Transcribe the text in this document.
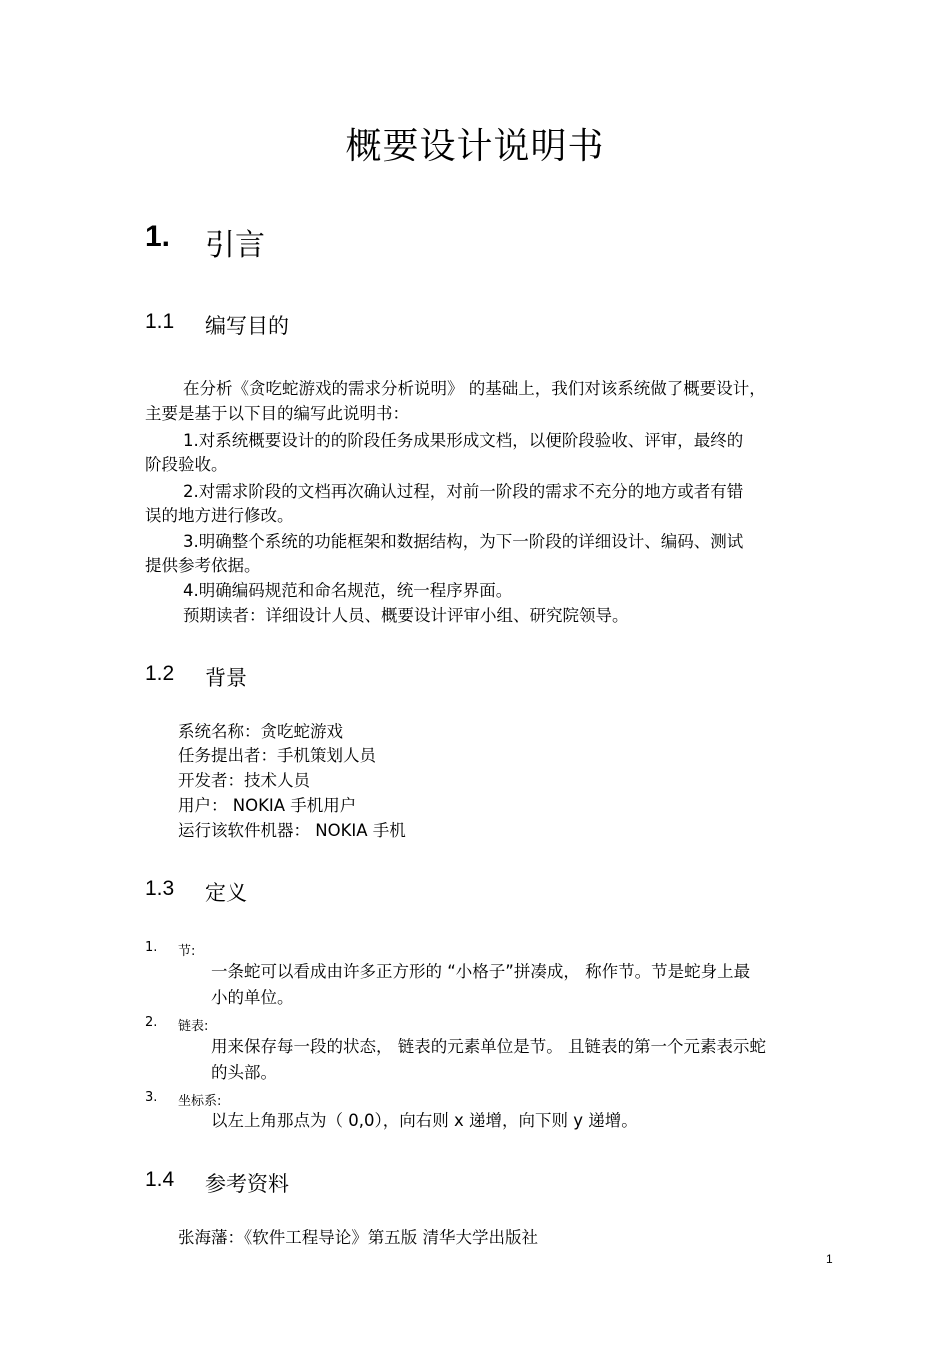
概要设计说明书
1. 引言
1.1 编写目的
在分析《贪吃蛇游戏的需求分析说明》 的基础上，我们对该系统做了概要设计，
主要是基于以下目的编写此说明书：
1.对系统概要设计的的阶段任务成果形成文档，以便阶段验收、评审，最终的
阶段验收。
2.对需求阶段的文档再次确认过程，对前一阶段的需求不充分的地方或者有错
误的地方进行修改。
3.明确整个系统的功能框架和数据结构，为下一阶段的详细设计、编码、测试
提供参考依据。
4.明确编码规范和命名规范，统一程序界面。
预期读者：详细设计人员、概要设计评审小组、研究院领导。
1.2 背景
系统名称：贪吃蛇游戏
任务提出者：手机策划人员
开发者：技术人员
用户： NOKIA 手机用户
运行该软件机器： NOKIA 手机
1.3 定义
1. 节:
一条蛇可以看成由许多正方形的 “小格子”拼凑成， 称作节。节是蛇身上最
小的单位。
2. 链表:
用来保存每一段的状态， 链表的元素单位是节。 且链表的第一个元素表示蛇
的头部。
3. 坐标系:
以左上角那点为（ 0,0），向右则 x 递增，向下则 y 递增。
1.4 参考资料
张海藩：《软件工程导论》第五版 清华大学出版社
1
